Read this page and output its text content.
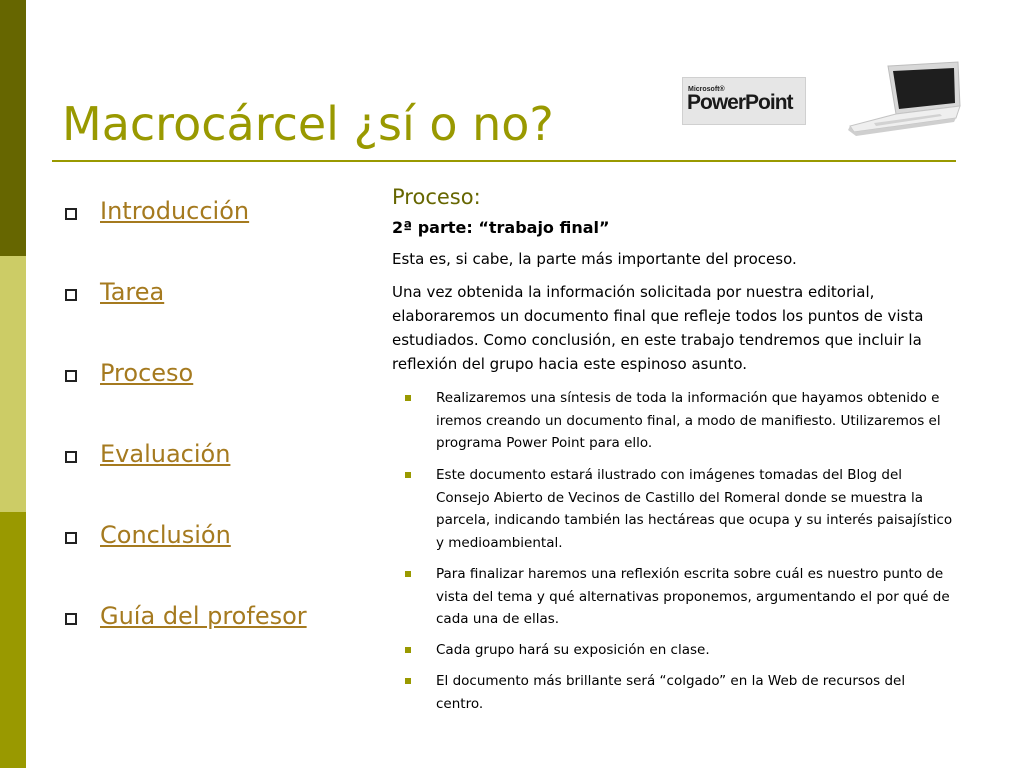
Macrocárcel ¿sí o no?
Microsoft®
PowerPoint
Introducción
Tarea
Proceso
Evaluación
Conclusión
Guía del profesor
Proceso:
2ª parte: “trabajo final”
Esta es, si cabe, la parte más importante del proceso.
Una vez obtenida la información solicitada por nuestra editorial, elaboraremos un documento final que refleje todos los puntos de vista estudiados. Como conclusión, en este trabajo tendremos que incluir la reflexión del grupo hacia este espinoso asunto.
Realizaremos una síntesis de toda la información que hayamos obtenido e iremos creando un documento final, a modo de manifiesto. Utilizaremos el programa Power Point para ello.
Este documento estará ilustrado con imágenes tomadas del Blog del Consejo Abierto de Vecinos de Castillo del Romeral donde se muestra la parcela, indicando también las hectáreas que ocupa y su interés paisajístico y medioambiental.
Para finalizar haremos una reflexión escrita sobre cuál es nuestro punto de vista del tema y qué alternativas proponemos, argumentando el por qué de cada una de ellas.
Cada grupo hará su exposición en clase.
El documento más brillante será “colgado” en la Web de recursos del centro.
